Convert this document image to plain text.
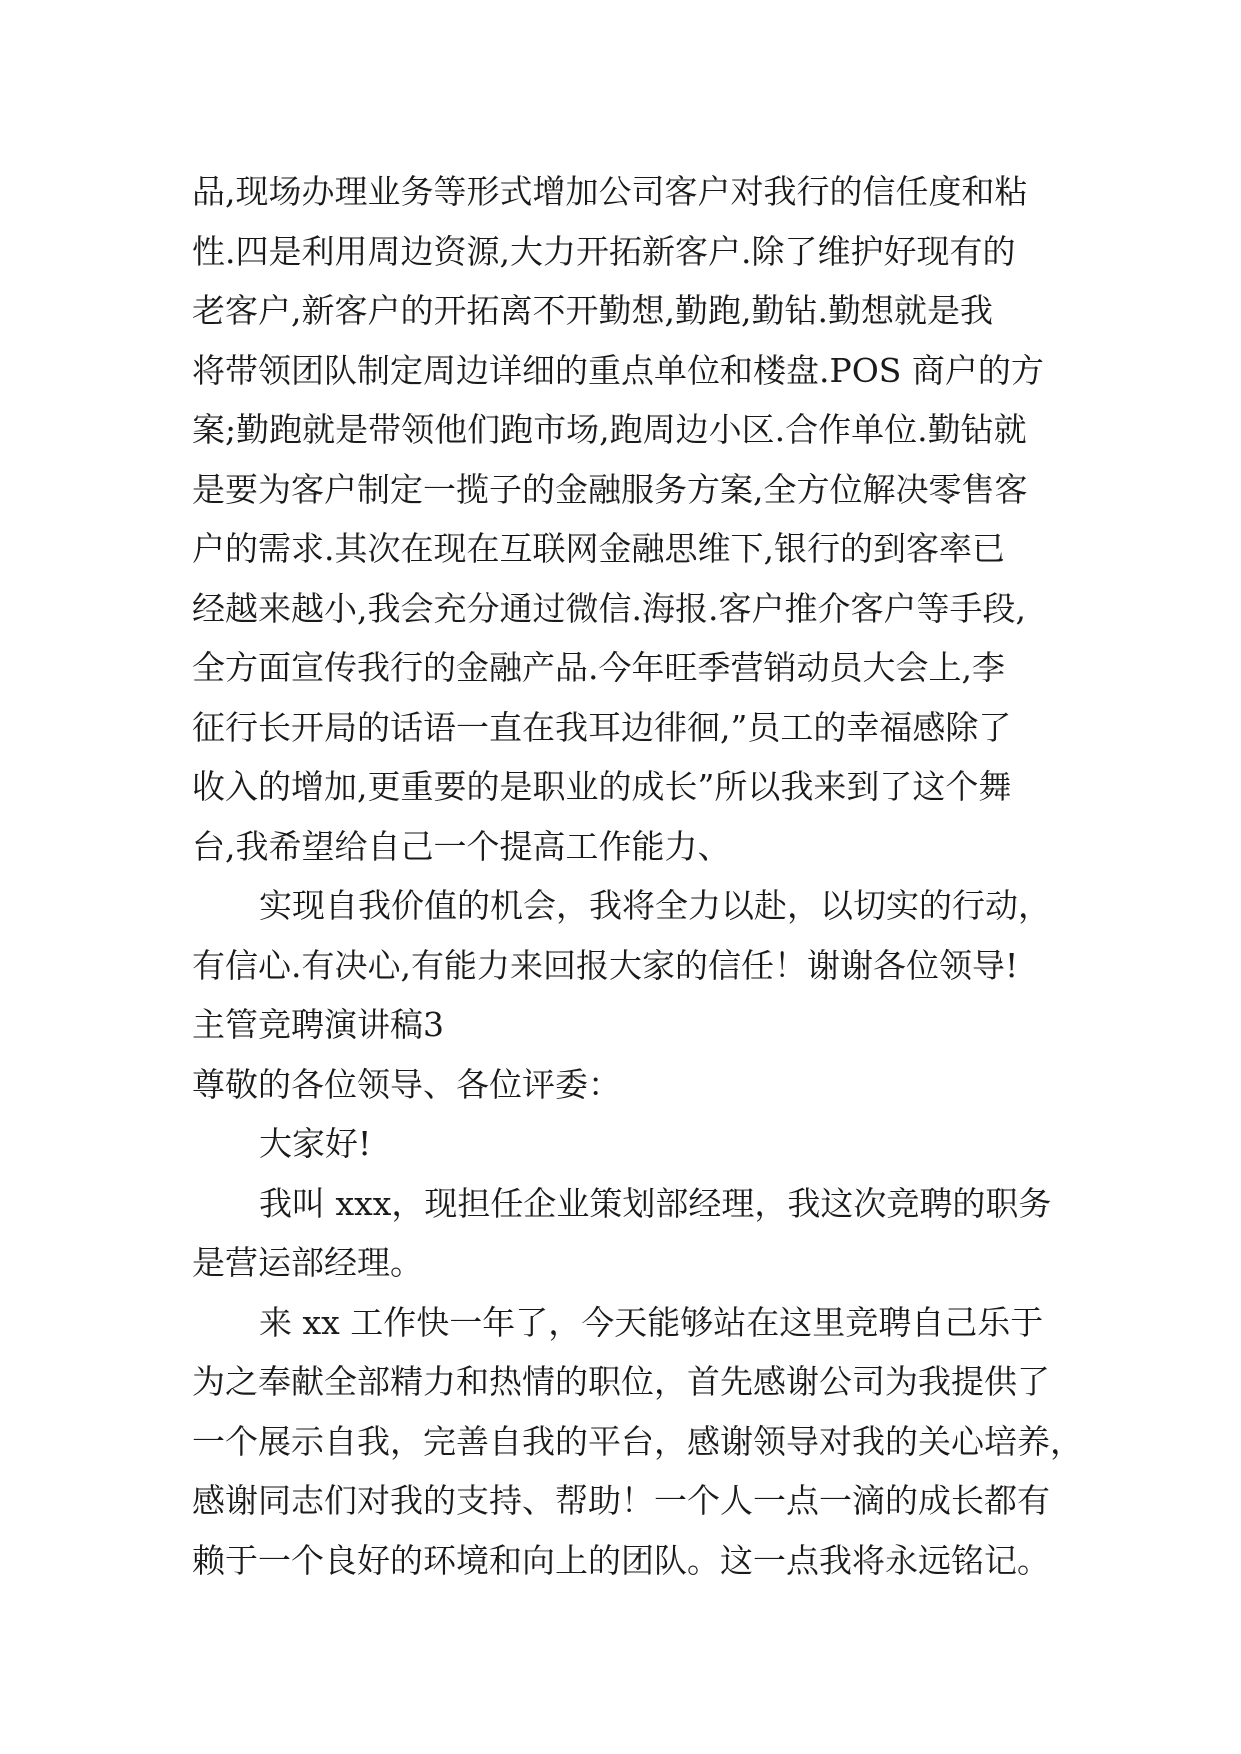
品,现场办理业务等形式增加公司客户对我行的信任度和粘
性.四是利用周边资源,大力开拓新客户.除了维护好现有的
老客户,新客户的开拓离不开勤想,勤跑,勤钻.勤想就是我
将带领团队制定周边详细的重点单位和楼盘.POS 商户的方
案;勤跑就是带领他们跑市场,跑周边小区.合作单位.勤钻就
是要为客户制定一揽子的金融服务方案,全方位解决零售客
户的需求.其次在现在互联网金融思维下,银行的到客率已
经越来越小,我会充分通过微信.海报.客户推介客户等手段,
全方面宣传我行的金融产品.今年旺季营销动员大会上,李
征行长开局的话语一直在我耳边徘徊,”员工的幸福感除了
收入的增加,更重要的是职业的成长”所以我来到了这个舞
台,我希望给自己一个提高工作能力、
实现自我价值的机会，我将全力以赴，以切实的行动，
有信心.有决心,有能力来回报大家的信任！谢谢各位领导!
主管竞聘演讲稿3
尊敬的各位领导、各位评委：
大家好!
我叫 xxx，现担任企业策划部经理，我这次竞聘的职务
是营运部经理。
来 xx 工作快一年了，今天能够站在这里竞聘自己乐于
为之奉献全部精力和热情的职位，首先感谢公司为我提供了
一个展示自我，完善自我的平台，感谢领导对我的关心培养，
感谢同志们对我的支持、帮助！一个人一点一滴的成长都有
赖于一个良好的环境和向上的团队。这一点我将永远铭记。
